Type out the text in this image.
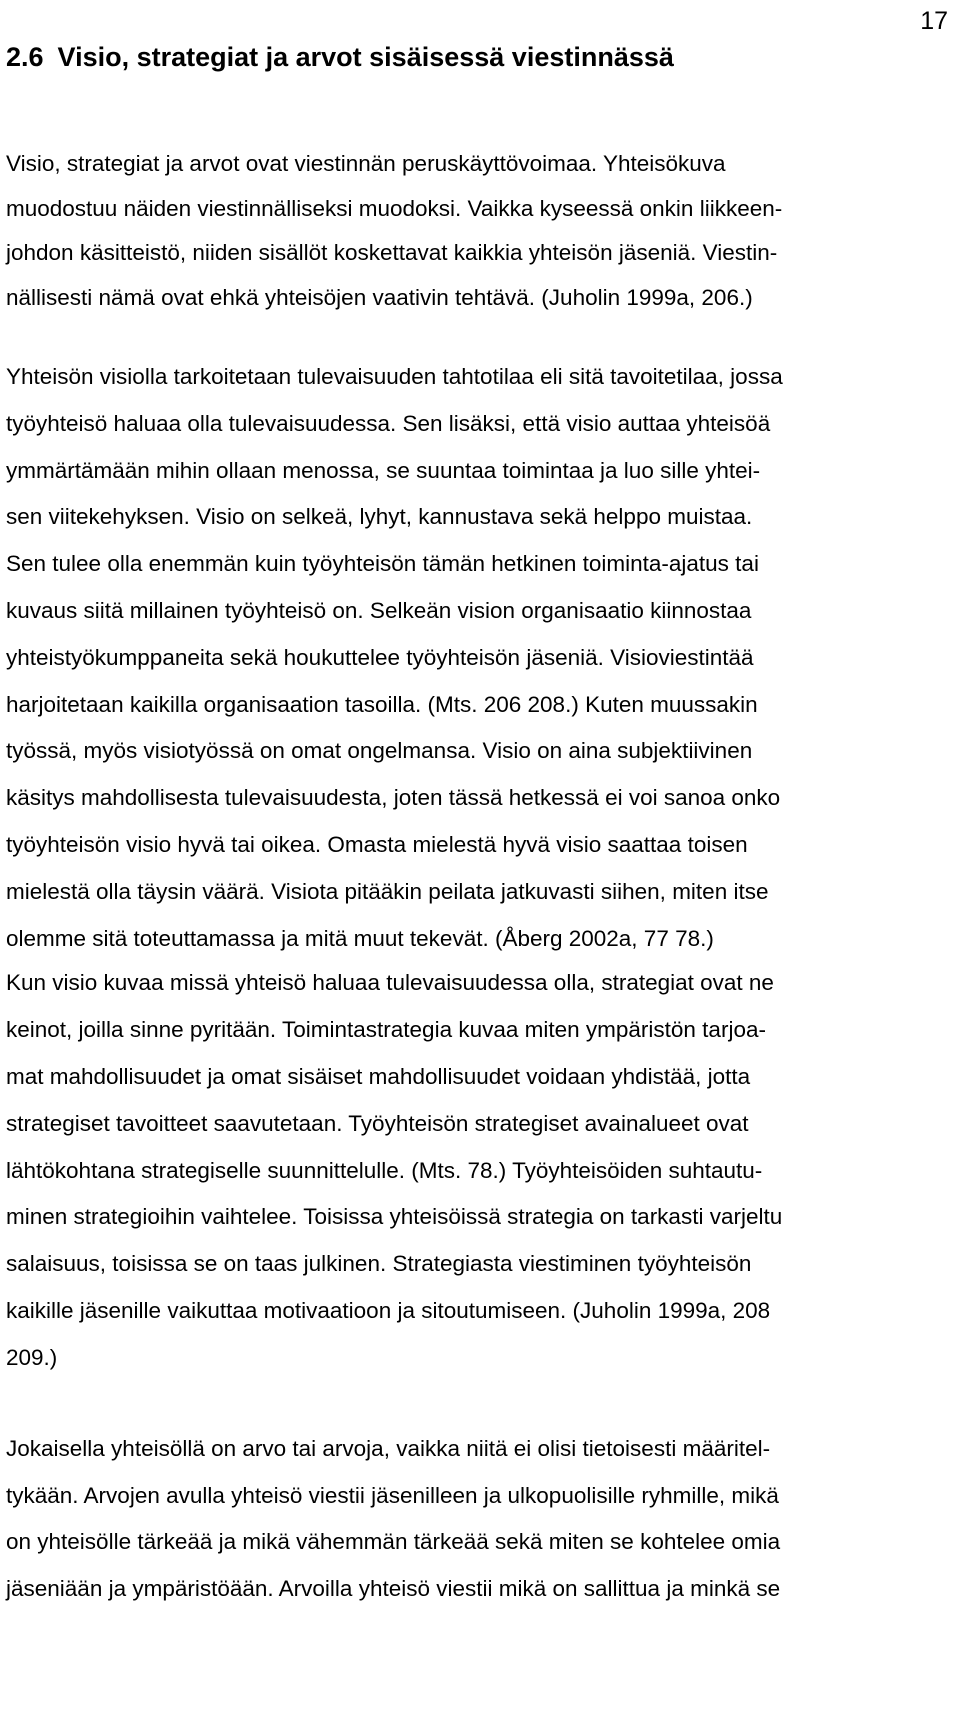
17
2.6 Visio, strategiat ja arvot sisäisessä viestinnässä
Visio, strategiat ja arvot ovat viestinnän peruskäyttövoimaa. Yhteisökuva
muodostuu näiden viestinnälliseksi muodoksi. Vaikka kyseessä onkin liikkeen-
johdon käsitteistö, niiden sisällöt koskettavat kaikkia yhteisön jäseniä. Viestin-
nällisesti nämä ovat ehkä yhteisöjen vaativin tehtävä. (Juholin 1999a, 206.)
Yhteisön visiolla tarkoitetaan tulevaisuuden tahtotilaa eli sitä tavoitetilaa, jossa
työyhteisö haluaa olla tulevaisuudessa. Sen lisäksi, että visio auttaa yhteisöä
ymmärtämään mihin ollaan menossa, se suuntaa toimintaa ja luo sille yhtei-
sen viitekehyksen. Visio on selkeä, lyhyt, kannustava sekä helppo muistaa.
Sen tulee olla enemmän kuin työyhteisön tämän hetkinen toiminta-ajatus tai
kuvaus siitä millainen työyhteisö on. Selkeän vision organisaatio kiinnostaa
yhteistyökumppaneita sekä houkuttelee työyhteisön jäseniä. Visioviestintää
harjoitetaan kaikilla organisaation tasoilla. (Mts. 206 208.) Kuten muussakin
työssä, myös visiotyössä on omat ongelmansa. Visio on aina subjektiivinen
käsitys mahdollisesta tulevaisuudesta, joten tässä hetkessä ei voi sanoa onko
työyhteisön visio hyvä tai oikea. Omasta mielestä hyvä visio saattaa toisen
mielestä olla täysin väärä. Visiota pitääkin peilata jatkuvasti siihen, miten itse
olemme sitä toteuttamassa ja mitä muut tekevät. (Åberg 2002a, 77 78.)
Kun visio kuvaa missä yhteisö haluaa tulevaisuudessa olla, strategiat ovat ne
keinot, joilla sinne pyritään. Toimintastrategia kuvaa miten ympäristön tarjoa-
mat mahdollisuudet ja omat sisäiset mahdollisuudet voidaan yhdistää, jotta
strategiset tavoitteet saavutetaan. Työyhteisön strategiset avainalueet ovat
lähtökohtana strategiselle suunnittelulle. (Mts. 78.) Työyhteisöiden suhtautu-
minen strategioihin vaihtelee. Toisissa yhteisöissä strategia on tarkasti varjeltu
salaisuus, toisissa se on taas julkinen. Strategiasta viestiminen työyhteisön
kaikille jäsenille vaikuttaa motivaatioon ja sitoutumiseen. (Juholin 1999a, 208
209.)
Jokaisella yhteisöllä on arvo tai arvoja, vaikka niitä ei olisi tietoisesti määritel-
tykään. Arvojen avulla yhteisö viestii jäsenilleen ja ulkopuolisille ryhmille, mikä
on yhteisölle tärkeää ja mikä vähemmän tärkeää sekä miten se kohtelee omia
jäseniään ja ympäristöään. Arvoilla yhteisö viestii mikä on sallittua ja minkä se
